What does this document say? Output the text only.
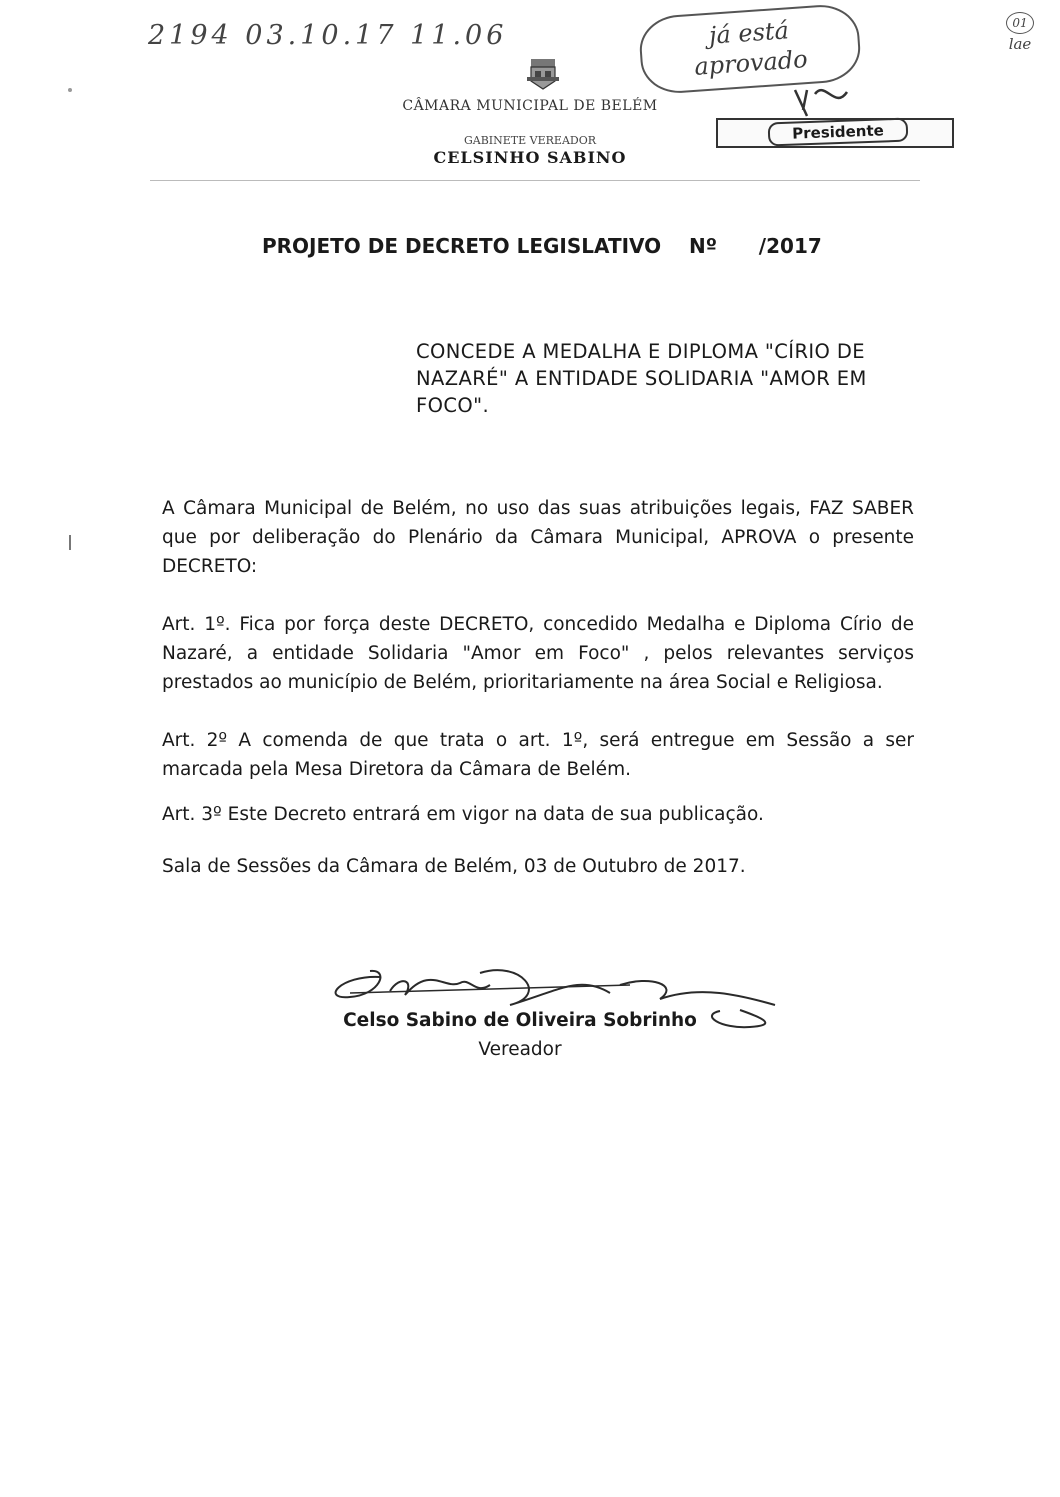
2194 03.10.17 11.06	já está
aprovado
01
lae
Presidente
CÂMARA MUNICIPAL DE BELÉM
GABINETE VEREADOR
CELSINHO SABINO
PROJETO DE DECRETO LEGISLATIVO    Nº      /2017
CONCEDE A MEDALHA E DIPLOMA "CÍRIO DE NAZARÉ" A ENTIDADE SOLIDARIA "AMOR EM FOCO".
A Câmara Municipal de Belém, no uso das suas atribuições legais, FAZ SABER que por deliberação do Plenário da Câmara Municipal, APROVA o presente DECRETO:
Art. 1º. Fica por força deste DECRETO, concedido Medalha e Diploma Círio de Nazaré, a entidade Solidaria "Amor em Foco" , pelos relevantes serviços prestados ao município de Belém, prioritariamente na área Social e Religiosa.
Art. 2º A comenda de que trata o art. 1º, será entregue em Sessão a ser marcada pela Mesa Diretora da Câmara de Belém.
Art. 3º Este Decreto entrará em vigor na data de sua publicação.
Sala de Sessões da Câmara de Belém, 03 de Outubro de 2017.
Celso Sabino de Oliveira Sobrinho
Vereador
